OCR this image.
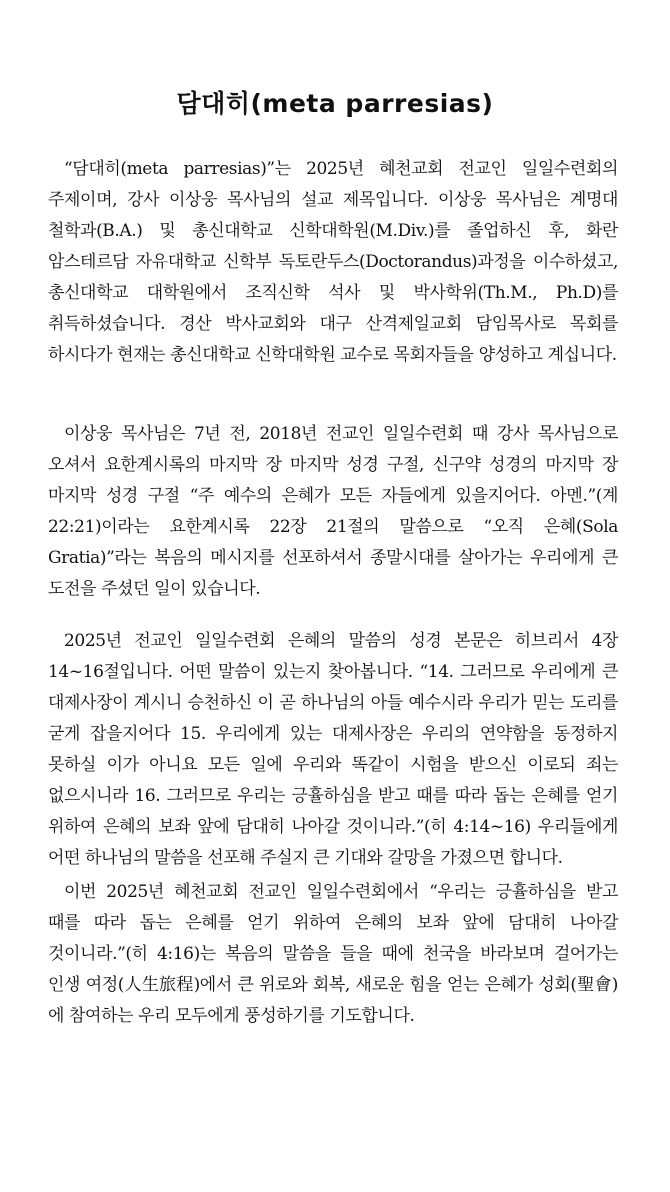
담대히(meta parresias)

“담대히(meta parresias)”는 2025년 혜천교회 전교인 일일수련회의 주제이며, 강사 이상웅 목사님의 설교 제목입니다. 이상웅 목사님은 계명대 철학과(B.A.) 및 총신대학교 신학대학원(M.Div.)를 졸업하신 후, 화란 암스테르담 자유대학교 신학부 독토란두스(Doctorandus)과정을 이수하셨고, 총신대학교 대학원에서 조직신학 석사 및 박사학위(Th.M., Ph.D)를 취득하셨습니다. 경산 박사교회와 대구 산격제일교회 담임목사로 목회를 하시다가 현재는 총신대학교 신학대학원 교수로 목회자들을 양성하고 계십니다.

이상웅 목사님은 7년 전, 2018년 전교인 일일수련회 때 강사 목사님으로 오셔서 요한계시록의 마지막 장 마지막 성경 구절, 신구약 성경의 마지막 장 마지막 성경 구절 “주 예수의 은혜가 모든 자들에게 있을지어다. 아멘.”(계 22:21)이라는 요한계시록 22장 21절의 말씀으로 “오직 은혜(Sola Gratia)”라는 복음의 메시지를 선포하셔서 종말시대를 살아가는 우리에게 큰 도전을 주셨던 일이 있습니다.

2025년 전교인 일일수련회 은혜의 말씀의 성경 본문은 히브리서 4장 14~16절입니다. 어떤 말씀이 있는지 찾아봅니다. “14. 그러므로 우리에게 큰 대제사장이 계시니 승천하신 이 곧 하나님의 아들 예수시라 우리가 믿는 도리를 굳게 잡을지어다 15. 우리에게 있는 대제사장은 우리의 연약함을 동정하지 못하실 이가 아니요 모든 일에 우리와 똑같이 시험을 받으신 이로되 죄는 없으시니라 16. 그러므로 우리는 긍휼하심을 받고 때를 따라 돕는 은혜를 얻기 위하여 은혜의 보좌 앞에 담대히 나아갈 것이니라.”(히 4:14~16) 우리들에게 어떤 하나님의 말씀을 선포해 주실지 큰 기대와 갈망을 가졌으면 합니다.

이번 2025년 혜천교회 전교인 일일수련회에서 “우리는 긍휼하심을 받고 때를 따라 돕는 은혜를 얻기 위하여 은혜의 보좌 앞에 담대히 나아갈 것이니라.”(히 4:16)는 복음의 말씀을 들을 때에 천국을 바라보며 걸어가는 인생 여정(人生旅程)에서 큰 위로와 회복, 새로운 힘을 얻는 은혜가 성회(聖會)에 참여하는 우리 모두에게 풍성하기를 기도합니다.
